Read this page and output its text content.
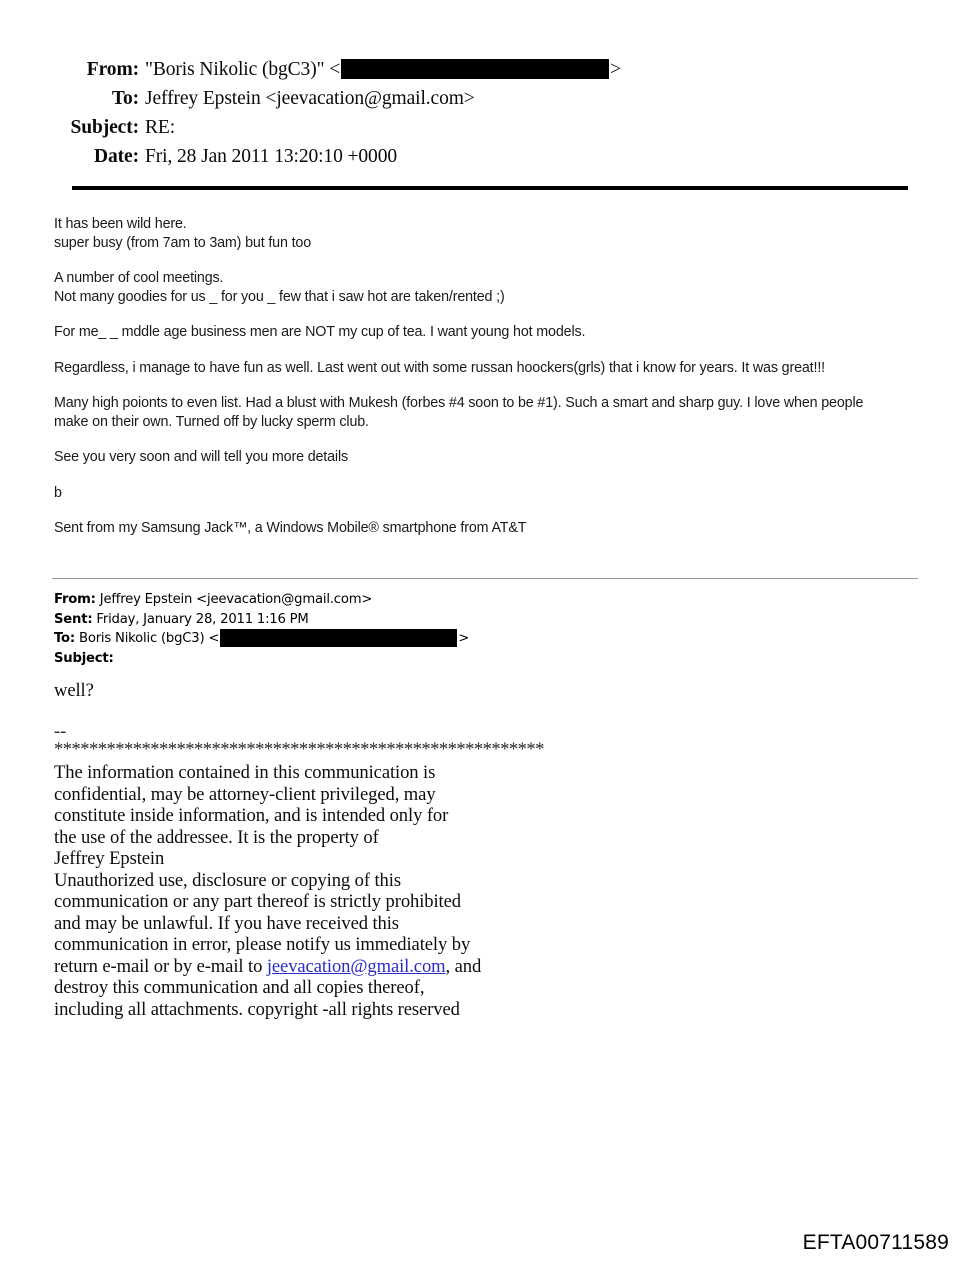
From: "Boris Nikolic (bgC3)" <	>
To: Jeffrey Epstein <jeevacation@gmail.com>
Subject: RE:
Date: Fri, 28 Jan 2011 13:20:10 +0000

It has been wild here.

super busy (from 7am to 3am) but fun too

A number of cool meetings.

Not many goodies for us _ for you _ few that i saw hot are taken/rented ;)

For me_ _ mddle age business men are NOT my cup of tea. I want young hot models.

Regardless, i manage to have fun as well. Last went out with some russan hoockers(grls) that i know for years. It was great!!!

Many high poionts to even list. Had a blust with Mukesh (forbes #4 soon to be #1). Such a smart and sharp guy. I love when people make on their own. Turned off by lucky sperm club.

See you very soon and will tell you more details

b

Sent from my Samsung Jack™, a Windows Mobile® smartphone from AT&T

From: Jeffrey Epstein <jeevacation@gmail.com>
Sent: Friday, January 28, 2011 1:16 PM
To: Boris Nikolic (bgC3) <	>
Subject:
well?
--
********************************************************
The information contained in this communication is
confidential, may be attorney-client privileged, may
constitute inside information, and is intended only for
the use of the addressee. It is the property of
Jeffrey Epstein
Unauthorized use, disclosure or copying of this
communication or any part thereof is strictly prohibited
and may be unlawful. If you have received this
communication in error, please notify us immediately by
return e-mail or by e-mail to jeevacation@gmail.com, and
destroy this communication and all copies thereof,
including all attachments. copyright -all rights reserved
EFTA00711589
